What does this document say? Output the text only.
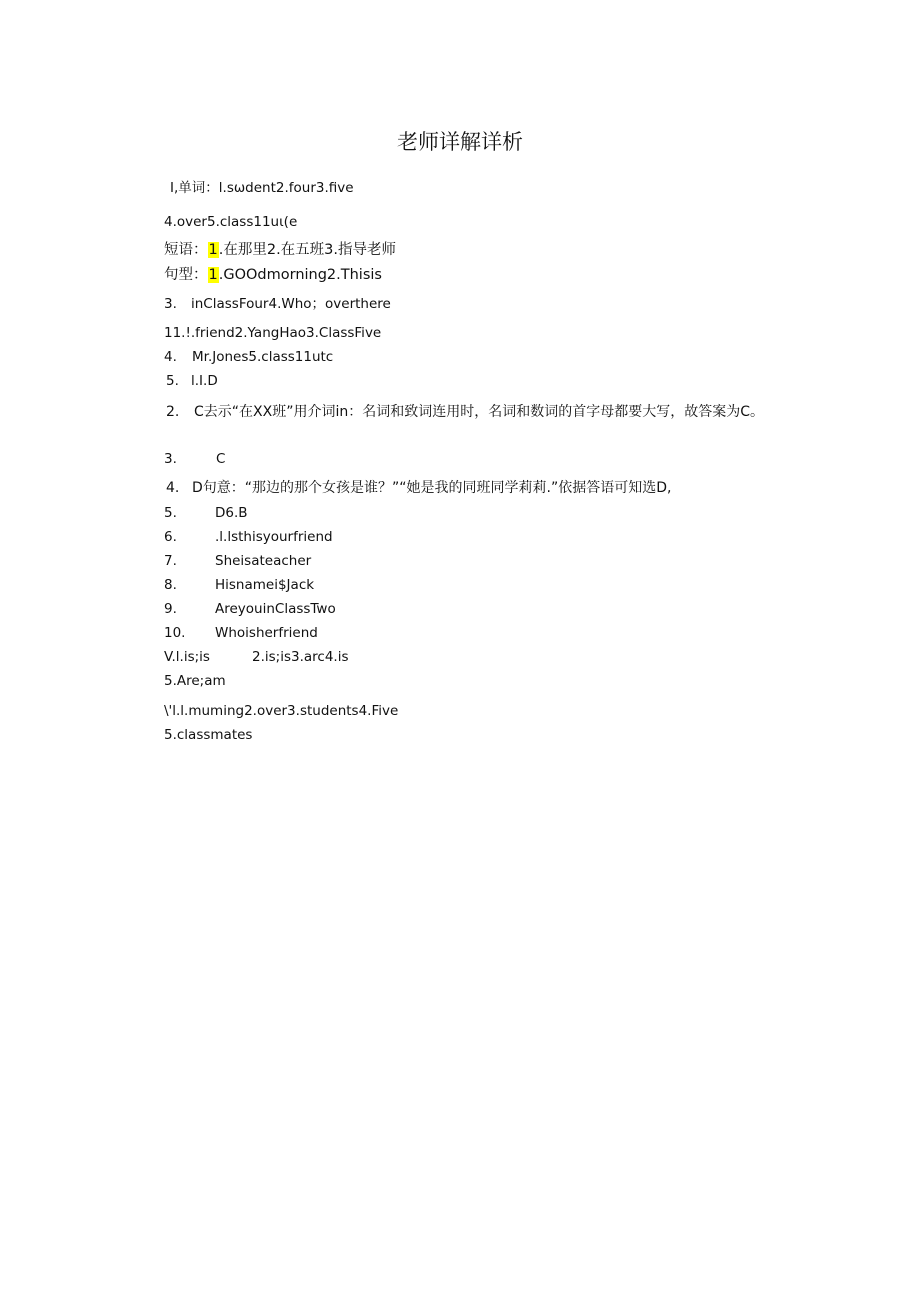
老师详解详析
I,单词：l.sωdent2.four3.five
4.over5.class11uι(e
短语：1.在那里2.在五班3.指导老师
句型：1.GOOdmorning2.Thisis
3. inClassFour4.Who；overthere
11.!.friend2.YangHao3.ClassFive
4. Mr.Jones5.class11utc
5. l.I.D
2. C去示“在XX班”用介词in：名词和致词连用时，名词和数词的首字母都要大写，故答案为C。
3.	C
4. D句意：“那边的那个女孩是谁？”“她是我的同班同学莉莉.”依据答语可知选D,
5.	D6.B
6.	.l.lsthisyourfriend
7.	Sheisateacher
8.	Hisnamei$Jack
9.	AreyouinClassTwo
10. Whoisherfriend
V.l.is;is	2.is;is3.arc4.is
5.Are;am
\'l.l.muming2.over3.students4.Five
5.classmates
